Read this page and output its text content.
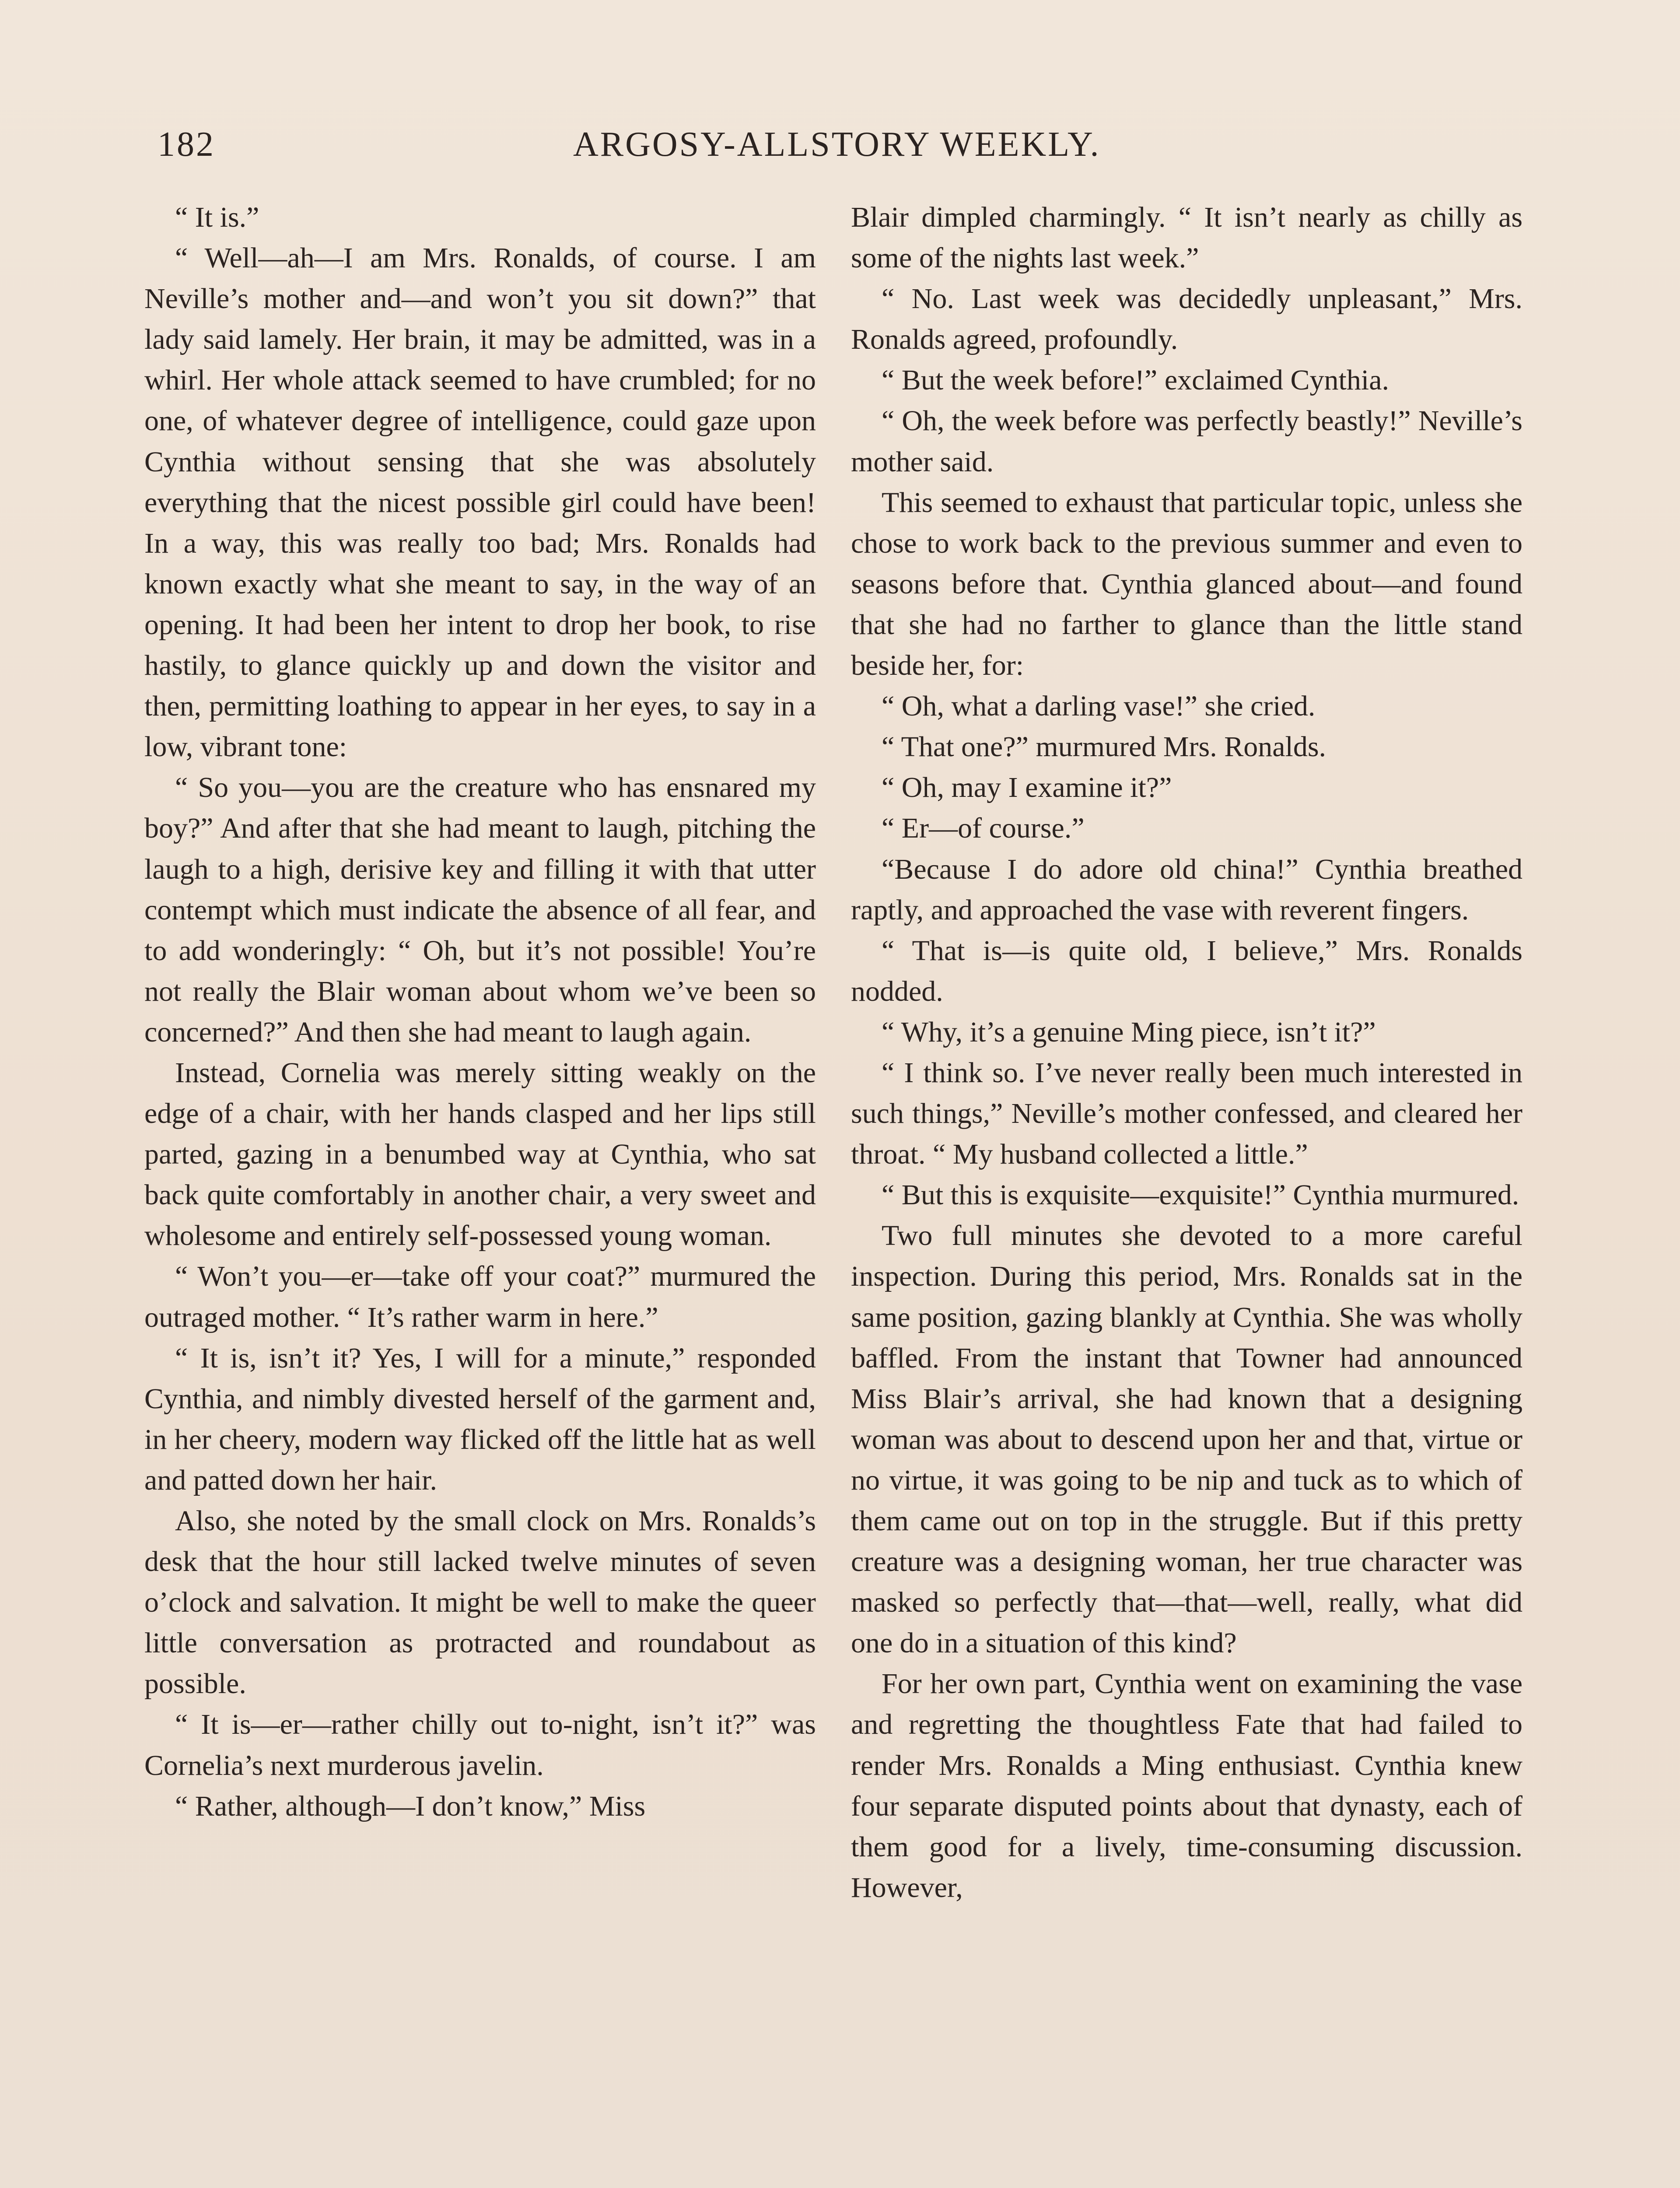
182	ARGOSY-ALLSTORY WEEKLY.

“ It is.”

“ Well—ah—I am Mrs. Ronalds, of course. I am Neville’s mother and—and won’t you sit down?” that lady said lamely. Her brain, it may be admitted, was in a whirl. Her whole attack seemed to have crumbled; for no one, of whatever degree of intelligence, could gaze upon Cynthia without sensing that she was absolutely everything that the nicest possible girl could have been! In a way, this was really too bad; Mrs. Ronalds had known exactly what she meant to say, in the way of an opening. It had been her intent to drop her book, to rise hastily, to glance quickly up and down the visitor and then, permitting loathing to appear in her eyes, to say in a low, vibrant tone:

“ So you—you are the creature who has ensnared my boy?” And after that she had meant to laugh, pitching the laugh to a high, derisive key and filling it with that utter contempt which must indicate the absence of all fear, and to add wonderingly: “ Oh, but it’s not possible! You’re not really the Blair woman about whom we’ve been so concerned?” And then she had meant to laugh again.

Instead, Cornelia was merely sitting weakly on the edge of a chair, with her hands clasped and her lips still parted, gazing in a benumbed way at Cynthia, who sat back quite comfortably in another chair, a very sweet and wholesome and entirely self-possessed young woman.

“ Won’t you—er—take off your coat?” murmured the outraged mother. “ It’s rather warm in here.”

“ It is, isn’t it? Yes, I will for a minute,” responded Cynthia, and nimbly divested herself of the garment and, in her cheery, modern way flicked off the little hat as well and patted down her hair.

Also, she noted by the small clock on Mrs. Ronalds’s desk that the hour still lacked twelve minutes of seven o’clock and salvation. It might be well to make the queer little conversation as protracted and roundabout as possible.

“ It is—er—rather chilly out to-night, isn’t it?” was Cornelia’s next murderous javelin.

“ Rather, although—I don’t know,” Miss

Blair dimpled charmingly. “ It isn’t nearly as chilly as some of the nights last week.”

“ No. Last week was decidedly unpleasant,” Mrs. Ronalds agreed, profoundly.

“ But the week before!” exclaimed Cynthia.

“ Oh, the week before was perfectly beastly!” Neville’s mother said.

This seemed to exhaust that particular topic, unless she chose to work back to the previous summer and even to seasons before that. Cynthia glanced about—and found that she had no farther to glance than the little stand beside her, for:

“ Oh, what a darling vase!” she cried.

“ That one?” murmured Mrs. Ronalds.

“ Oh, may I examine it?”

“ Er—of course.”

“Because I do adore old china!” Cynthia breathed raptly, and approached the vase with reverent fingers.

“ That is—is quite old, I believe,” Mrs. Ronalds nodded.

“ Why, it’s a genuine Ming piece, isn’t it?”

“ I think so. I’ve never really been much interested in such things,” Neville’s mother confessed, and cleared her throat. “ My husband collected a little.”

“ But this is exquisite—exquisite!” Cynthia murmured.

Two full minutes she devoted to a more careful inspection. During this period, Mrs. Ronalds sat in the same position, gazing blankly at Cynthia. She was wholly baffled. From the instant that Towner had announced Miss Blair’s arrival, she had known that a designing woman was about to descend upon her and that, virtue or no virtue, it was going to be nip and tuck as to which of them came out on top in the struggle. But if this pretty creature was a designing woman, her true character was masked so perfectly that—that—well, really, what did one do in a situation of this kind?

For her own part, Cynthia went on examining the vase and regretting the thoughtless Fate that had failed to render Mrs. Ronalds a Ming enthusiast. Cynthia knew four separate disputed points about that dynasty, each of them good for a lively, time-consuming discussion. However,
